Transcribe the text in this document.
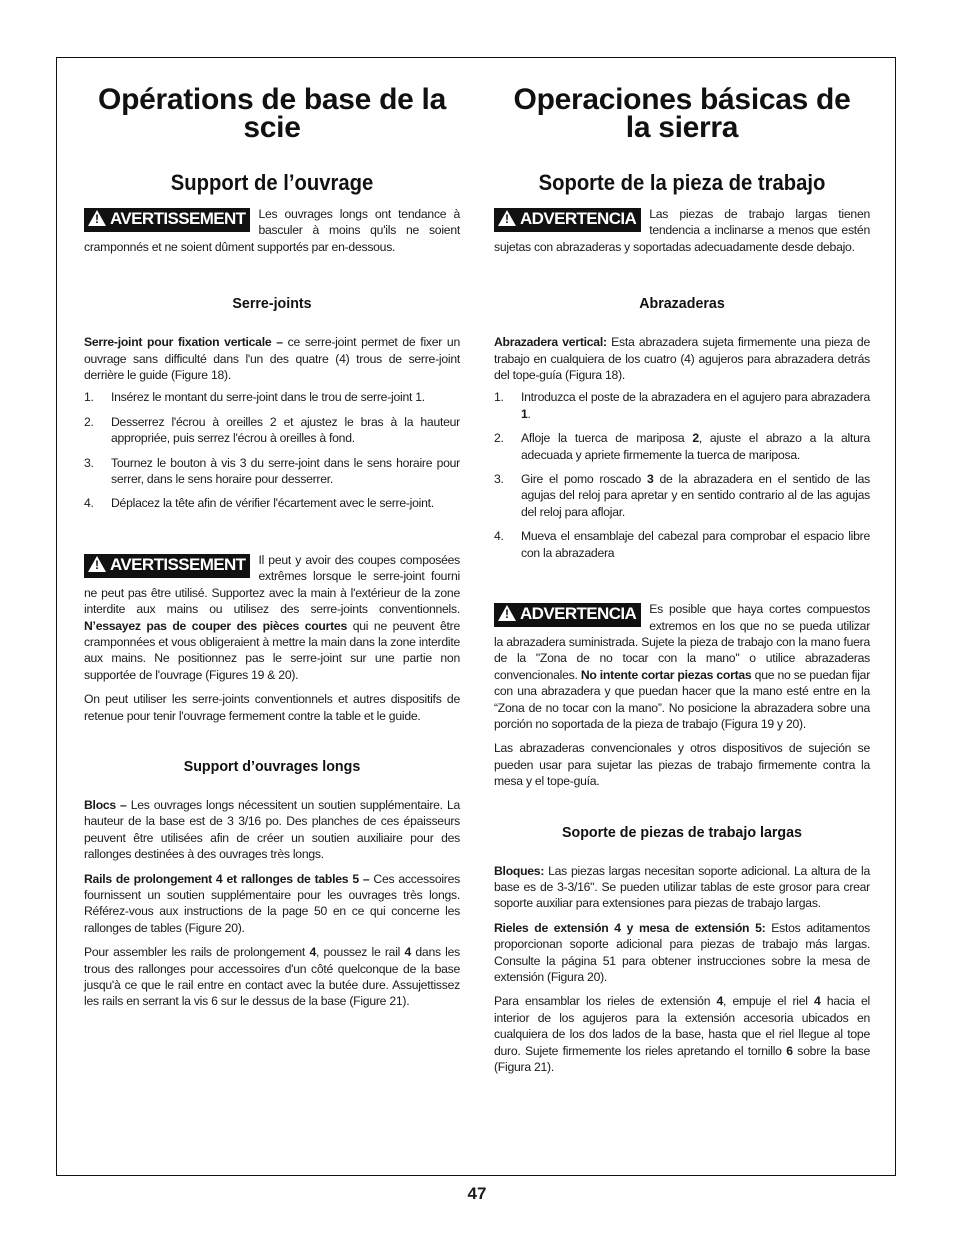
Opérations de base de la
scie
Support de l’ouvrage
! AVERTISSEMENT	Les ouvrages longs ont tendance à basculer à moins qu'ils ne soient cramponnés et ne soient dûment supportés par en-dessous.

Serre-joints

Serre-joint pour fixation verticale – ce serre-joint permet de fixer un ouvrage sans difficulté dans l'un des quatre (4) trous de serre-joint derrière le guide (Figure 18).

1. Insérez le montant du serre-joint dans le trou de serre-joint 1.
2. Desserrez l'écrou à oreilles 2 et ajustez le bras à la hauteur appropriée, puis serrez l'écrou à oreilles à fond.
3. Tournez le bouton à vis 3 du serre-joint dans le sens horaire pour serrer, dans le sens horaire pour desserrer.
4. Déplacez la tête afin de vérifier l'écartement avec le serre-joint.
! AVERTISSEMENT	Il peut y avoir des coupes composées extrêmes lorsque le serre-joint fourni ne peut pas être utilisé. Supportez avec la main à l'extérieur de la zone interdite aux mains ou utilisez des serre-joints conventionnels. N’essayez pas de couper des pièces courtes qui ne peuvent être cramponnées et vous obligeraient à mettre la main dans la zone interdite aux mains. Ne positionnez pas le serre-joint sur une partie non supportée de l'ouvrage (Figures 19 & 20).

On peut utiliser les serre-joints conventionnels et autres dispositifs de retenue pour tenir l'ouvrage fermement contre la table et le guide.

Support d’ouvrages longs

Blocs – Les ouvrages longs nécessitent un soutien supplémentaire. La hauteur de la base est de 3 3/16 po. Des planches de ces épaisseurs peuvent être utilisées afin de créer un soutien auxiliaire pour des rallonges destinées à des ouvrages très longs.

Rails de prolongement 4 et rallonges de tables 5 – Ces accessoires fournissent un soutien supplémentaire pour les ouvrages très longs. Référez-vous aux instructions de la page 50 en ce qui concerne les rallonges de tables (Figure 20).

Pour assembler les rails de prolongement 4, poussez le rail 4 dans les trous des rallonges pour accessoires d'un côté quelconque de la base jusqu'à ce que le rail entre en contact avec la butée dure. Assujettissez les rails en serrant la vis 6 sur le dessus de la base (Figure 21).

Operaciones básicas de
la sierra
Soporte de la pieza de trabajo
! ADVERTENCIA	Las piezas de trabajo largas tienen tendencia a inclinarse a menos que estén sujetas con abrazaderas y soportadas adecuadamente desde debajo.

Abrazaderas

Abrazadera vertical: Esta abrazadera sujeta firmemente una pieza de trabajo en cualquiera de los cuatro (4) agujeros para abrazadera detrás del tope-guía (Figura 18).

1. Introduzca el poste de la abrazadera en el agujero para abrazadera 1.
2. Afloje la tuerca de mariposa 2, ajuste el abrazo a la altura adecuada y apriete firmemente la tuerca de mariposa.
3. Gire el pomo roscado 3 de la abrazadera en el sentido de las agujas del reloj para apretar y en sentido contrario al de las agujas del reloj para aflojar.
4. Mueva el ensamblaje del cabezal para comprobar el espacio libre con la abrazadera
! ADVERTENCIA	Es posible que haya cortes compuestos extremos en los que no se pueda utilizar la abrazadera suministrada. Sujete la pieza de trabajo con la mano fuera de la "Zona de no tocar con la mano" o utilice abrazaderas convencionales. No intente cortar piezas cortas que no se puedan fijar con una abrazadera y que puedan hacer que la mano esté entre en la “Zona de no tocar con la mano”. No posicione la abrazadera sobre una porción no soportada de la pieza de trabajo (Figura 19 y 20).

Las abrazaderas convencionales y otros dispositivos de sujeción se pueden usar para sujetar las piezas de trabajo firmemente contra la mesa y el tope-guía.

Soporte de piezas de trabajo largas

Bloques: Las piezas largas necesitan soporte adicional. La altura de la base es de 3-3/16". Se pueden utilizar tablas de este grosor para crear soporte auxiliar para extensiones para piezas de trabajo largas.

Rieles de extensión 4 y mesa de extensión 5: Estos aditamentos proporcionan soporte adicional para piezas de trabajo más largas. Consulte la página 51 para obtener instrucciones sobre la mesa de extensión (Figura 20).

Para ensamblar los rieles de extensión 4, empuje el riel 4 hacia el interior de los agujeros para la extensión accesoria ubicados en cualquiera de los dos lados de la base, hasta que el riel llegue al tope duro. Sujete firmemente los rieles apretando el tornillo 6 sobre la base (Figura 21).

47
